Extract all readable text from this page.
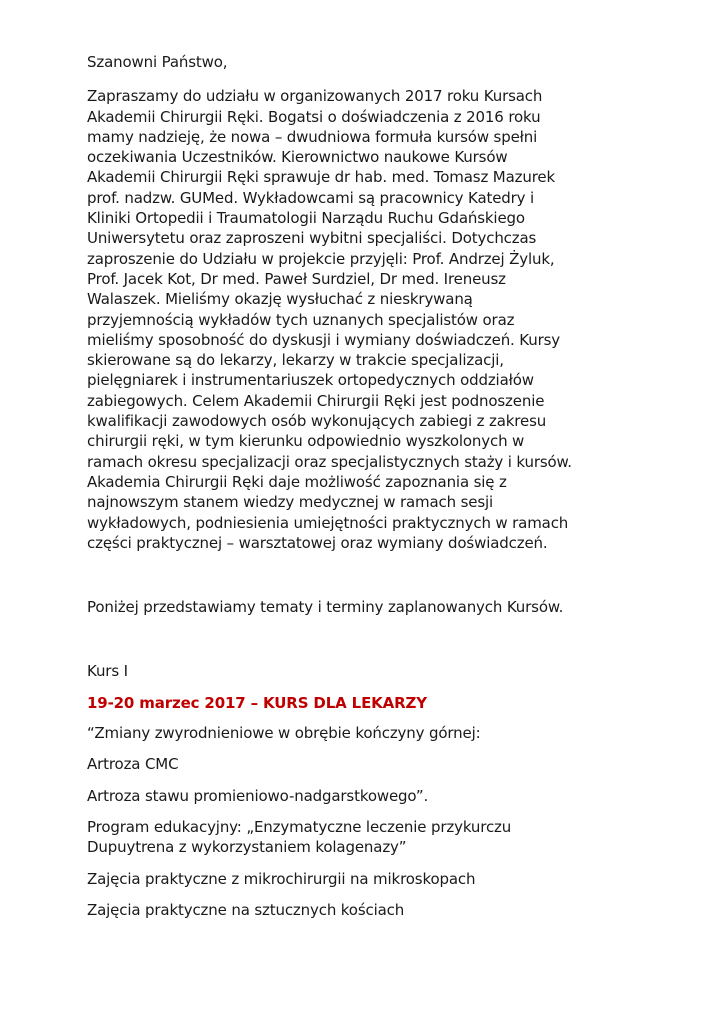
Szanowni Państwo,

Zapraszamy do udziału w organizowanych 2017 roku Kursach
Akademii Chirurgii Ręki. Bogatsi o doświadczenia z 2016 roku
mamy nadzieję, że nowa – dwudniowa formuła kursów spełni
oczekiwania Uczestników. Kierownictwo naukowe Kursów
Akademii Chirurgii Ręki sprawuje dr hab. med. Tomasz Mazurek
prof. nadzw. GUMed. Wykładowcami są pracownicy Katedry i
Kliniki Ortopedii i Traumatologii Narządu Ruchu Gdańskiego
Uniwersytetu oraz zaproszeni wybitni specjaliści. Dotychczas
zaproszenie do Udziału w projekcie przyjęli: Prof. Andrzej Żyluk,
Prof. Jacek Kot, Dr med. Paweł Surdziel, Dr med. Ireneusz
Walaszek. Mieliśmy okazję wysłuchać z nieskrywaną
przyjemnością wykładów tych uznanych specjalistów oraz
mieliśmy sposobność do dyskusji i wymiany doświadczeń. Kursy
skierowane są do lekarzy, lekarzy w trakcie specjalizacji,
pielęgniarek i instrumentariuszek ortopedycznych oddziałów
zabiegowych. Celem Akademii Chirurgii Ręki jest podnoszenie
kwalifikacji zawodowych osób wykonujących zabiegi z zakresu
chirurgii ręki, w tym kierunku odpowiednio wyszkolonych w
ramach okresu specjalizacji oraz specjalistycznych staży i kursów.
Akademia Chirurgii Ręki daje możliwość zapoznania się z
najnowszym stanem wiedzy medycznej w ramach sesji
wykładowych, podniesienia umiejętności praktycznych w ramach
części praktycznej – warsztatowej oraz wymiany doświadczeń.

Poniżej przedstawiamy tematy i terminy zaplanowanych Kursów.

Kurs I

19-20 marzec 2017 – KURS DLA LEKARZY

“Zmiany zwyrodnieniowe w obrębie kończyny górnej:
Artroza CMC
Artroza stawu promieniowo-nadgarstkowego”.
Program edukacyjny: „Enzymatyczne leczenie przykurczu
Dupuytrena z wykorzystaniem kolagenazy”
Zajęcia praktyczne z mikrochirurgii na mikroskopach
Zajęcia praktyczne na sztucznych kościach
